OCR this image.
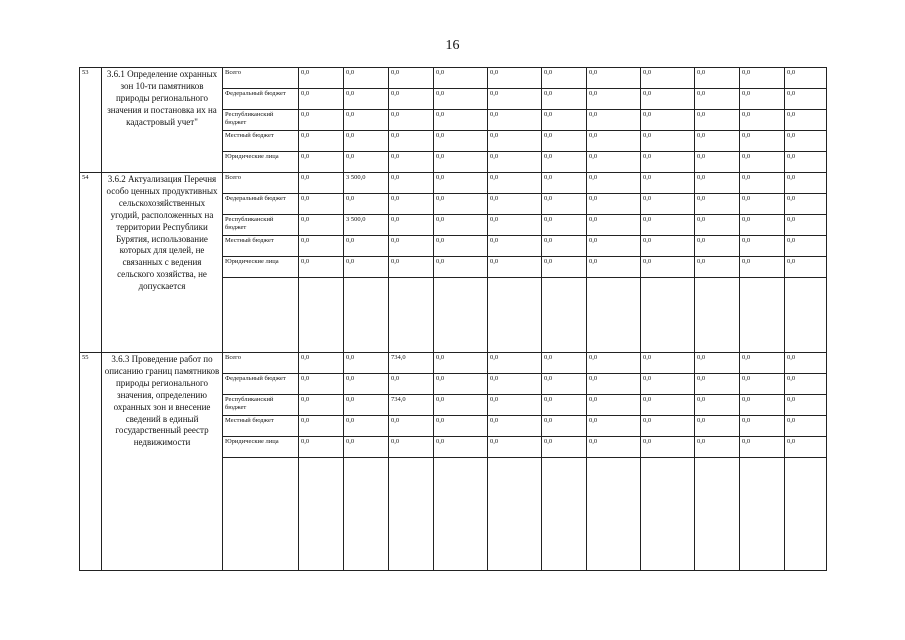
16
53	3.6.1 Определение охранных зон 10-ти памятников природы регионального значения и постановка их на кадастровый учет"	Всего	0,0	0,0	0,0	0,0	0,0	0,0	0,0	0,0	0,0	0,0	0,0
		Федеральный бюджет	0,0	0,0	0,0	0,0	0,0	0,0	0,0	0,0	0,0	0,0	0,0
		Республиканский бюджет	0,0	0,0	0,0	0,0	0,0	0,0	0,0	0,0	0,0	0,0	0,0
		Местный бюджет	0,0	0,0	0,0	0,0	0,0	0,0	0,0	0,0	0,0	0,0	0,0
		Юридические лица	0,0	0,0	0,0	0,0	0,0	0,0	0,0	0,0	0,0	0,0	0,0
54	3.6.2 Актуализация Перечня особо ценных продуктивных сельскохозяйственных угодий, расположенных на территории Республики Бурятия, использование которых для целей, не связанных с ведения сельского хозяйства, не допускается	Всего	0,0	3 500,0	0,0	0,0	0,0	0,0	0,0	0,0	0,0	0,0	0,0
		Федеральный бюджет	0,0	0,0	0,0	0,0	0,0	0,0	0,0	0,0	0,0	0,0	0,0
		Республиканский бюджет	0,0	3 500,0	0,0	0,0	0,0	0,0	0,0	0,0	0,0	0,0	0,0
		Местный бюджет	0,0	0,0	0,0	0,0	0,0	0,0	0,0	0,0	0,0	0,0	0,0
		Юридические лица	0,0	0,0	0,0	0,0	0,0	0,0	0,0	0,0	0,0	0,0	0,0

55	3.6.3 Проведение работ по описанию границ памятников природы регионального значения, определению охранных зон и внесение сведений в единый государственный реестр недвижимости	Всего	0,0	0,0	734,0	0,0	0,0	0,0	0,0	0,0	0,0	0,0	0,0
		Федеральный бюджет	0,0	0,0	0,0	0,0	0,0	0,0	0,0	0,0	0,0	0,0	0,0
		Республиканский бюджет	0,0	0,0	734,0	0,0	0,0	0,0	0,0	0,0	0,0	0,0	0,0
		Местный бюджет	0,0	0,0	0,0	0,0	0,0	0,0	0,0	0,0	0,0	0,0	0,0
		Юридические лица	0,0	0,0	0,0	0,0	0,0	0,0	0,0	0,0	0,0	0,0	0,0
